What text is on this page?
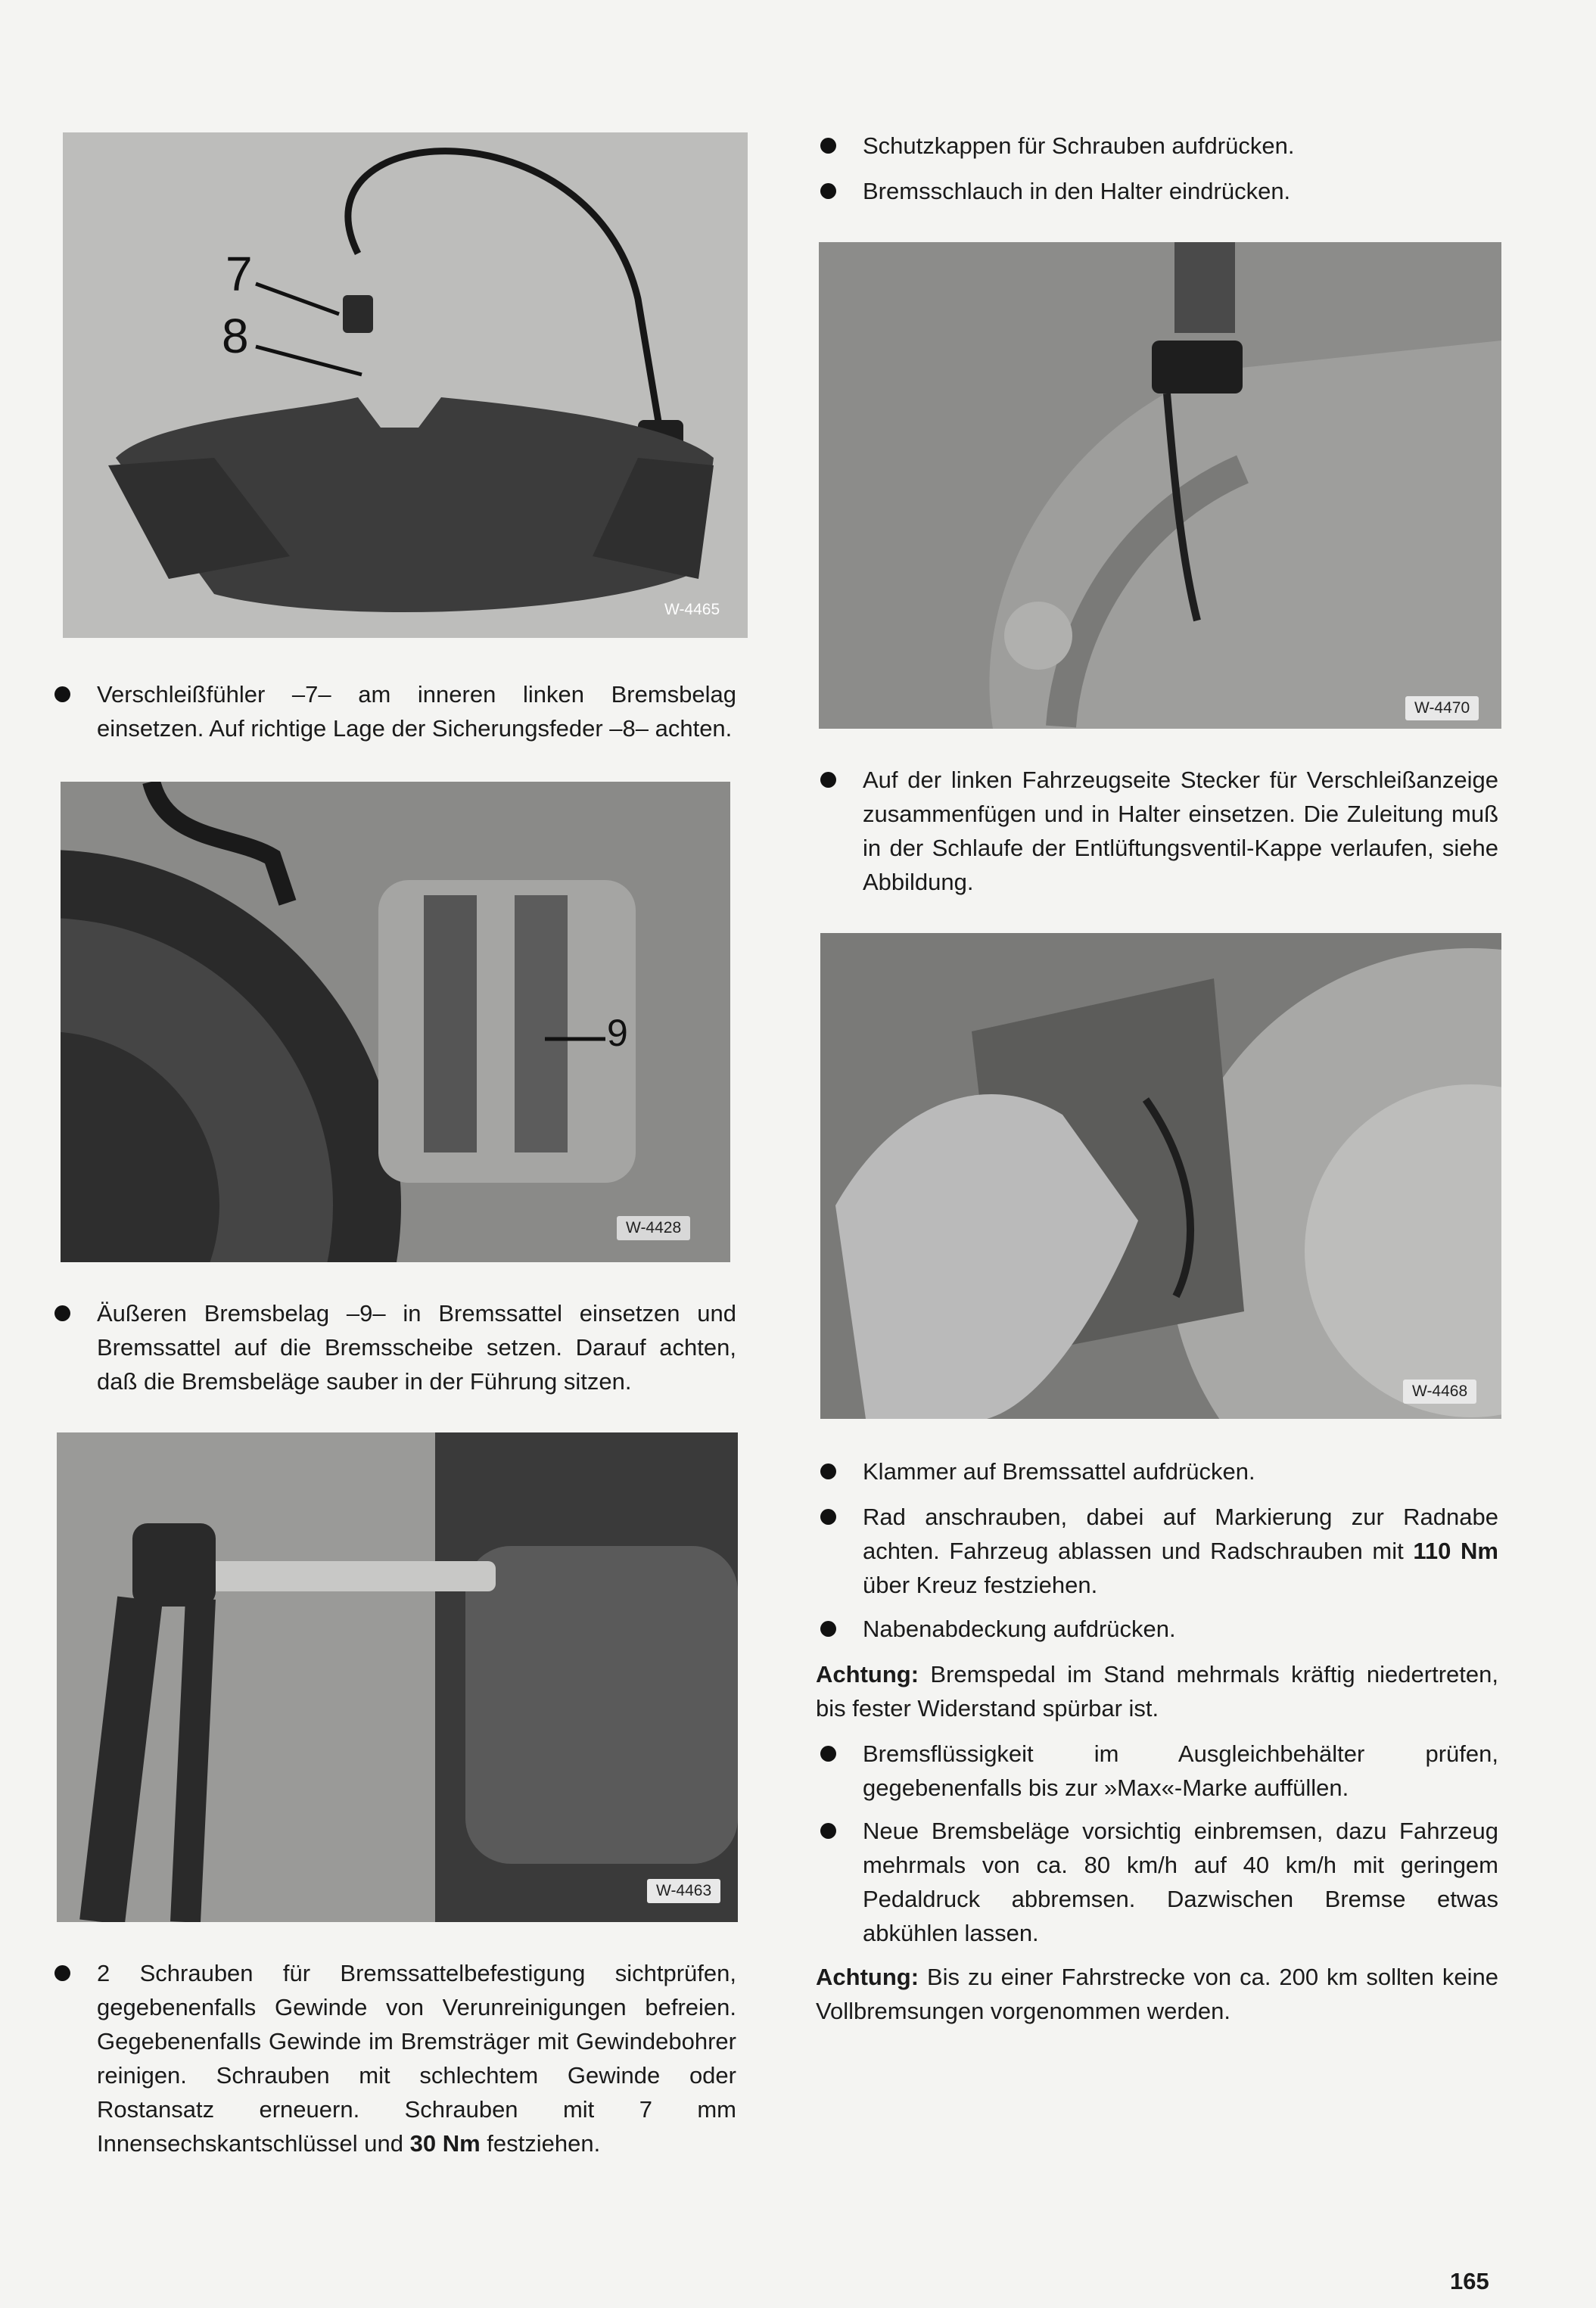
7
8
W-4465
Verschleißfühler –7– am inneren linken Bremsbelag einsetzen. Auf richtige Lage der Sicherungsfeder –8– achten.
9
W-4428
Äußeren Bremsbelag –9– in Bremssattel einsetzen und Bremssattel auf die Bremsscheibe setzen. Darauf achten, daß die Bremsbeläge sauber in der Führung sitzen.
W-4463
2 Schrauben für Bremssattelbefestigung sichtprüfen, gegebenenfalls Gewinde von Verunreinigungen befreien. Gegebenenfalls Gewinde im Bremsträger mit Gewindebohrer reinigen. Schrauben mit schlechtem Gewinde oder Rostansatz erneuern. Schrauben mit 7 mm Innensechskantschlüssel und 30 Nm festziehen.
Schutzkappen für Schrauben aufdrücken.
Bremsschlauch in den Halter eindrücken.
W-4470
Auf der linken Fahrzeugseite Stecker für Verschleißanzeige zusammenfügen und in Halter einsetzen. Die Zuleitung muß in der Schlaufe der Entlüftungsventil-Kappe verlaufen, siehe Abbildung.
W-4468
Klammer auf Bremssattel aufdrücken.
Rad anschrauben, dabei auf Markierung zur Radnabe achten. Fahrzeug ablassen und Radschrauben mit 110 Nm über Kreuz festziehen.
Nabenabdeckung aufdrücken.
Achtung: Bremspedal im Stand mehrmals kräftig niedertreten, bis fester Widerstand spürbar ist.
Bremsflüssigkeit im Ausgleichbehälter prüfen, gegebenenfalls bis zur »Max«-Marke auffüllen.
Neue Bremsbeläge vorsichtig einbremsen, dazu Fahrzeug mehrmals von ca. 80 km/h auf 40 km/h mit geringem Pedaldruck abbremsen. Dazwischen Bremse etwas abkühlen lassen.
Achtung: Bis zu einer Fahrstrecke von ca. 200 km sollten keine Vollbremsungen vorgenommen werden.
165
